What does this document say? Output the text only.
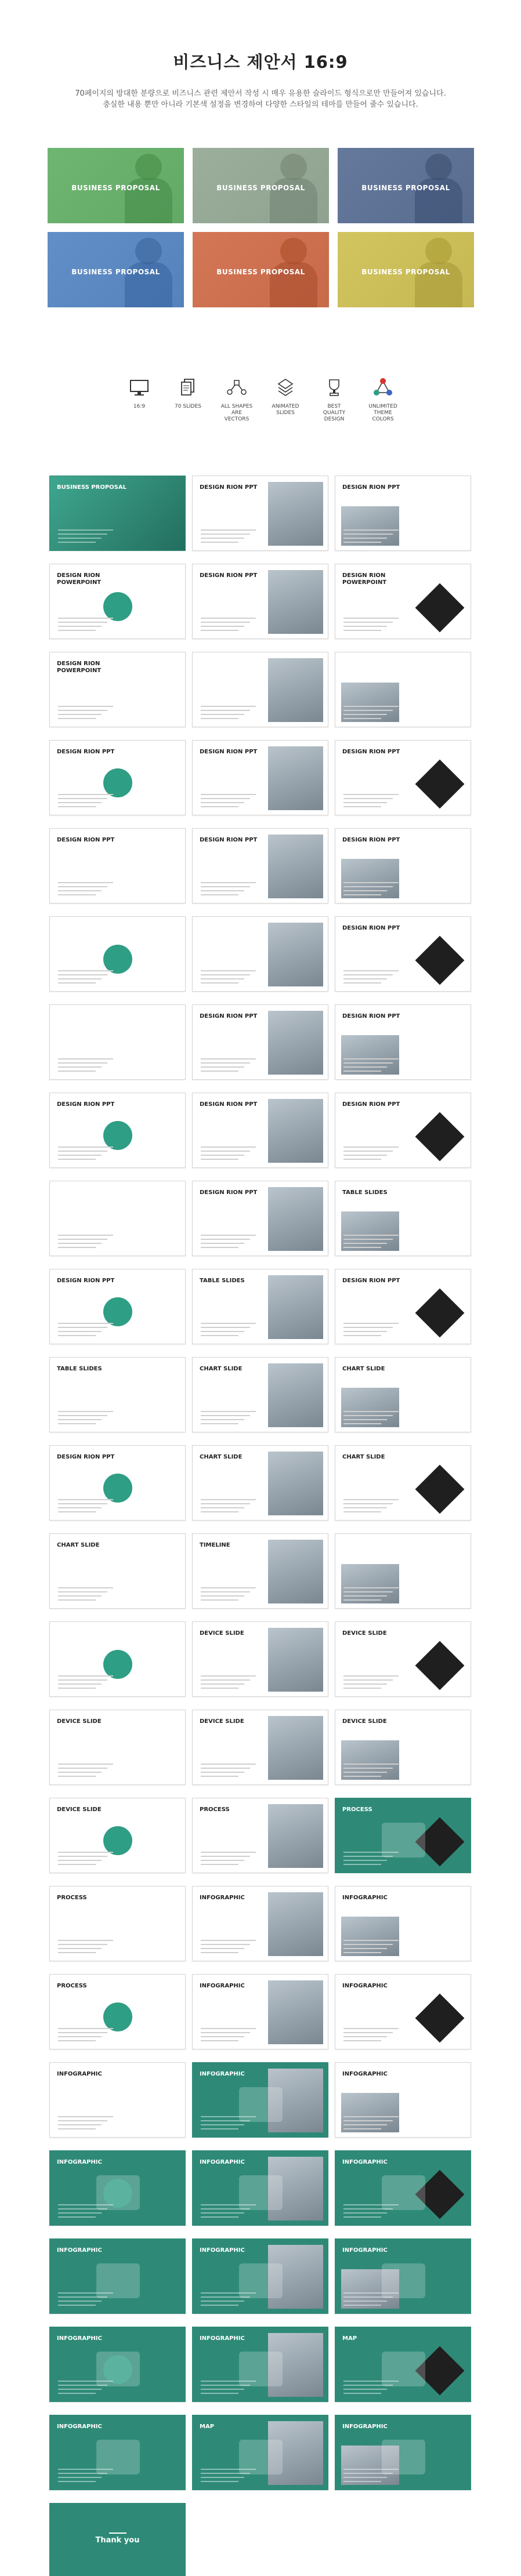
비즈니스 제안서 16:9
70페이지의 방대한 분량으로 비즈니스 관련 제안서 작성 시 매우 유용한 슬라이드 형식으로만 만들어져 있습니다.
충실한 내용 뿐만 아니라 기본색 설정을 변경하여 다양한 스타일의 테마를 만들어 줄수 있습니다.
BUSINESS PROPOSAL	BUSINESS PROPOSAL	BUSINESS PROPOSAL
BUSINESS PROPOSAL	BUSINESS PROPOSAL	BUSINESS PROPOSAL
16:9	70 SLIDES	ALL SHAPES ARE VECTORS
ANIMATED SLIDES
BEST QUALITY DESIGN
UNLIMITED THEME COLORS
BUSINESS PROPOSAL	DESIGN RION PPT	DESIGN RION PPT
DESIGN RION POWERPOINT
DESIGN RION PPT	DESIGN RION POWERPOINT
DESIGN RION POWERPOINT
DESIGN RION PPT	DESIGN RION PPT	DESIGN RION PPT
DESIGN RION PPT	DESIGN RION PPT	DESIGN RION PPT
DESIGN RION PPT
DESIGN RION PPT	DESIGN RION PPT
DESIGN RION PPT	DESIGN RION PPT	DESIGN RION PPT
DESIGN RION PPT	TABLE SLIDES
DESIGN RION PPT	TABLE SLIDES	DESIGN RION PPT
TABLE SLIDES	CHART SLIDE	CHART SLIDE
DESIGN RION PPT	CHART SLIDE	CHART SLIDE
CHART SLIDE	TIMELINE
DEVICE SLIDE	DEVICE SLIDE
DEVICE SLIDE	DEVICE SLIDE	DEVICE SLIDE
DEVICE SLIDE	PROCESS	PROCESS
PROCESS	INFOGRAPHIC	INFOGRAPHIC
PROCESS	INFOGRAPHIC	INFOGRAPHIC
INFOGRAPHIC	INFOGRAPHIC	INFOGRAPHIC
INFOGRAPHIC	INFOGRAPHIC	INFOGRAPHIC
INFOGRAPHIC	INFOGRAPHIC	INFOGRAPHIC
INFOGRAPHIC	INFOGRAPHIC	MAP
INFOGRAPHIC	MAP	INFOGRAPHIC
Thank you
